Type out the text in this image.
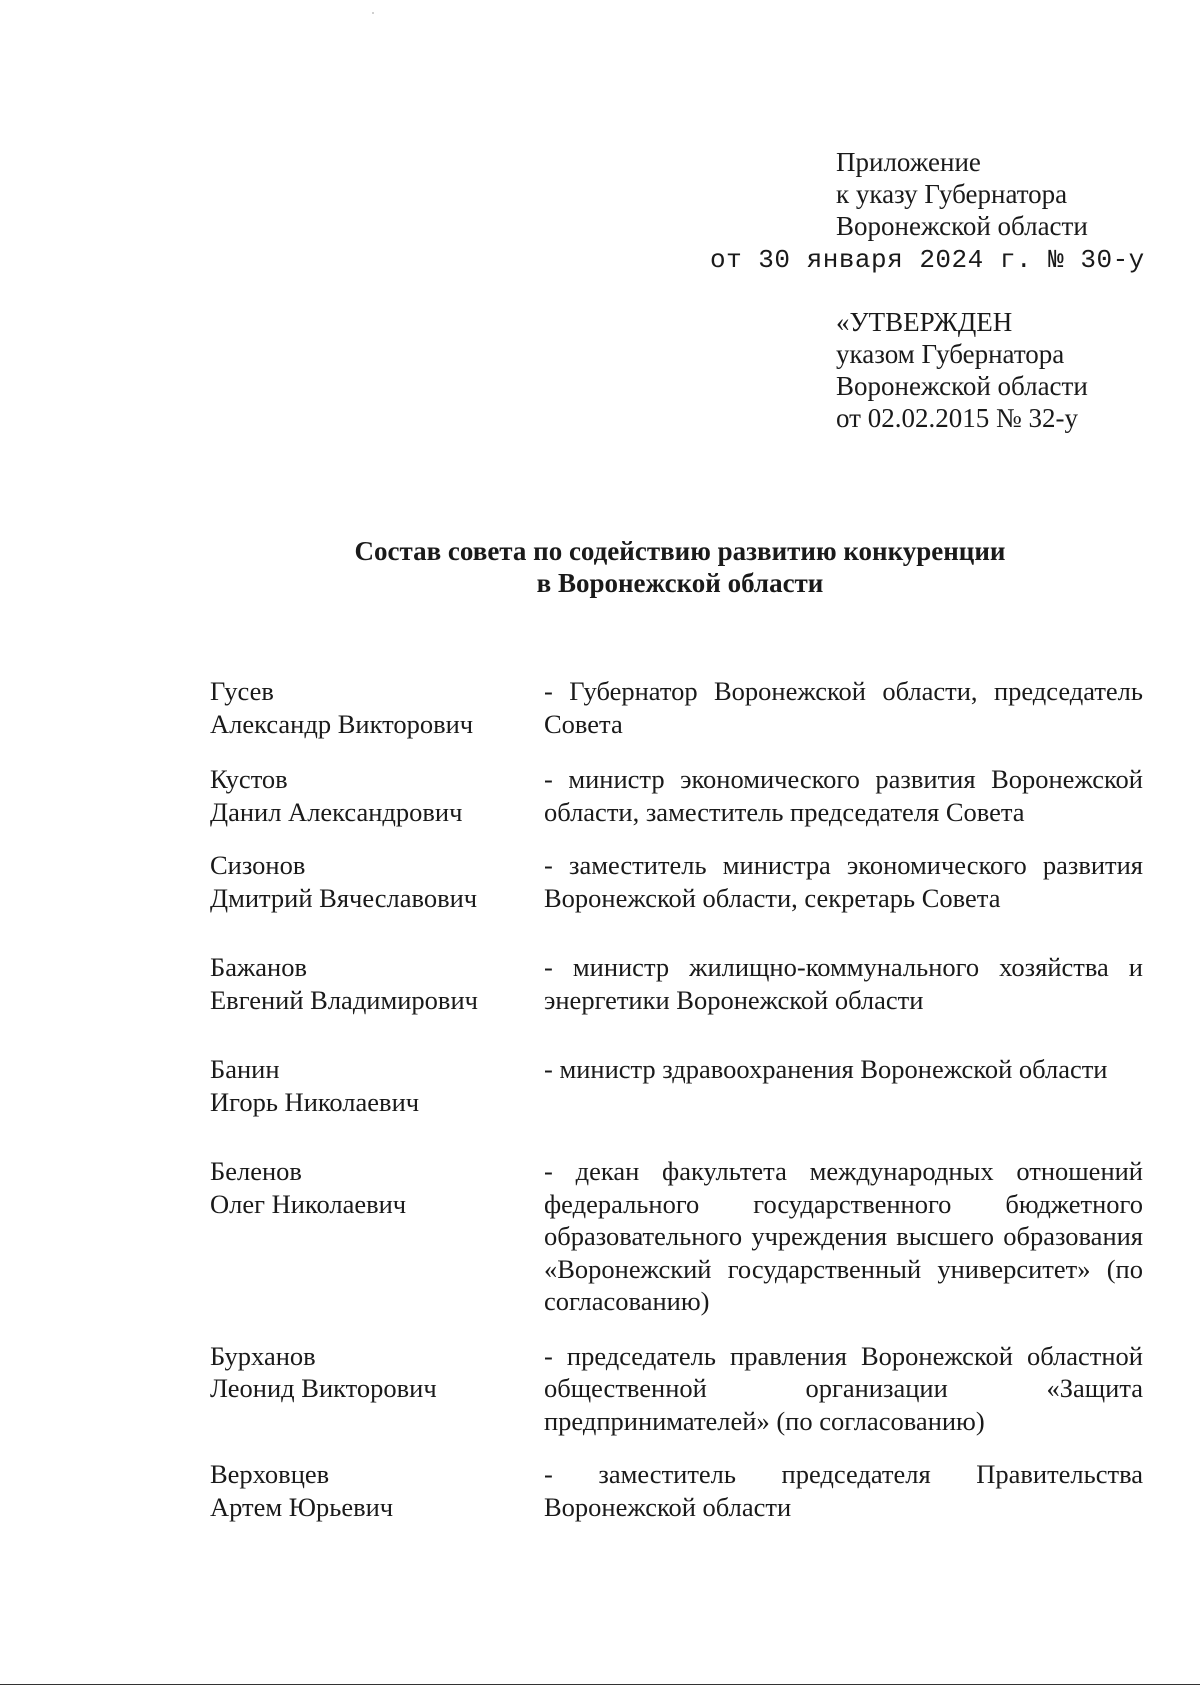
Приложение
к указу Губернатора
Воронежской области
от 30 января 2024 г. № 30-у
«УТВЕРЖДЕН
указом Губернатора
Воронежской области
от 02.02.2015 № 32-у
Состав совета по содействию развитию конкуренции
в Воронежской области
Гусев
Александр Викторович
- Губернатор Воронежской области, председатель Совета
Кустов
Данил Александрович
- министр экономического развития Воронежской области, заместитель председателя Совета
Сизонов
Дмитрий Вячеславович
- заместитель министра экономического развития Воронежской области, секретарь Совета
Бажанов
Евгений Владимирович
- министр жилищно-коммунального хозяйства и энергетики Воронежской области
Банин
Игорь Николаевич
- министр здравоохранения Воронежской области
Беленов
Олег Николаевич
- декан факультета международных отношений федерального государственного бюджетного образовательного учреждения высшего образования «Воронежский государственный университет» (по согласованию)
Бурханов
Леонид Викторович
- председатель правления Воронежской областной общественной организации «Защита предпринимателей» (по согласованию)
Верховцев
Артем Юрьевич
- заместитель председателя Правительства Воронежской области
